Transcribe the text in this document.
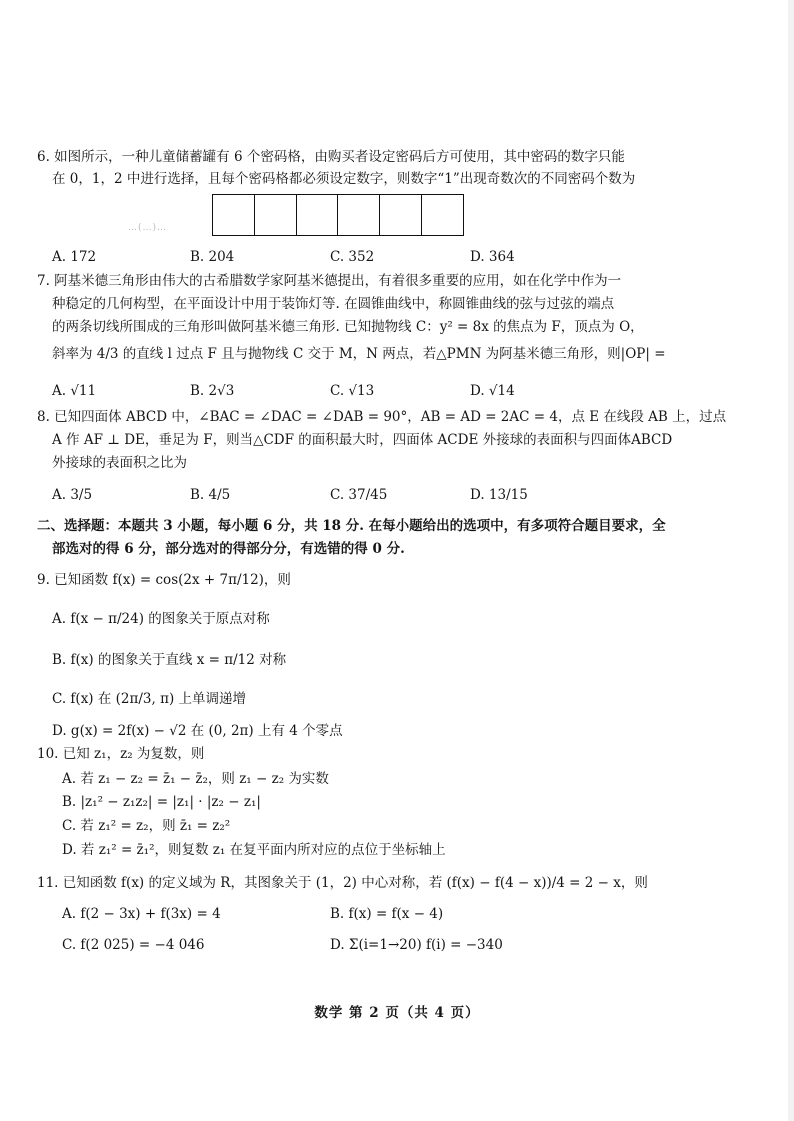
6. 如图所示，一种儿童储蓄罐有 6 个密码格，由购买者设定密码后方可使用，其中密码的数字只能
在 0，1，2 中进行选择，且每个密码格都必须设定数字，则数字“1”出现奇数次的不同密码个数为
…(…)…
A. 172	B. 204	C. 352	D. 364
7. 阿基米德三角形由伟大的古希腊数学家阿基米德提出，有着很多重要的应用，如在化学中作为一
种稳定的几何构型，在平面设计中用于装饰灯等. 在圆锥曲线中，称圆锥曲线的弦与过弦的端点
的两条切线所围成的三角形叫做阿基米德三角形. 已知抛物线 C：y² = 8x 的焦点为 F，顶点为 O，
斜率为 4/3 的直线 l 过点 F 且与抛物线 C 交于 M，N 两点，若△PMN 为阿基米德三角形，则|OP| =
A. √11	B. 2√3	C. √13	D. √14
8. 已知四面体 ABCD 中，∠BAC = ∠DAC = ∠DAB = 90°，AB = AD = 2AC = 4，点 E 在线段 AB 上，过点
A 作 AF ⊥ DE，垂足为 F，则当△CDF 的面积最大时，四面体 ACDE 外接球的表面积与四面体ABCD
外接球的表面积之比为
A. 3/5	B. 4/5	C. 37/45	D. 13/15
二、选择题：本题共 3 小题，每小题 6 分，共 18 分. 在每小题给出的选项中，有多项符合题目要求，全
部选对的得 6 分，部分选对的得部分分，有选错的得 0 分.
9. 已知函数 f(x) = cos(2x + 7π/12)，则
A. f(x − π/24) 的图象关于原点对称
B. f(x) 的图象关于直线 x = π/12 对称
C. f(x) 在 (2π/3, π) 上单调递增
D. g(x) = 2f(x) − √2 在 (0, 2π) 上有 4 个零点
10. 已知 z₁，z₂ 为复数，则
A. 若 z₁ − z₂ = z̄₁ − z̄₂，则 z₁ − z₂ 为实数
B. |z₁² − z₁z₂| = |z₁| · |z₂ − z₁|
C. 若 z₁² = z₂，则 z̄₁ = z₂²
D. 若 z₁² = z̄₁²，则复数 z₁ 在复平面内所对应的点位于坐标轴上
11. 已知函数 f(x) 的定义域为 R，其图象关于 (1，2) 中心对称，若 (f(x) − f(4 − x))/4 = 2 − x，则
A. f(2 − 3x) + f(3x) = 4	B. f(x) = f(x − 4)
C. f(2 025) = −4 046	D. Σ(i=1→20) f(i) = −340
数学 第 2 页（共 4 页）
